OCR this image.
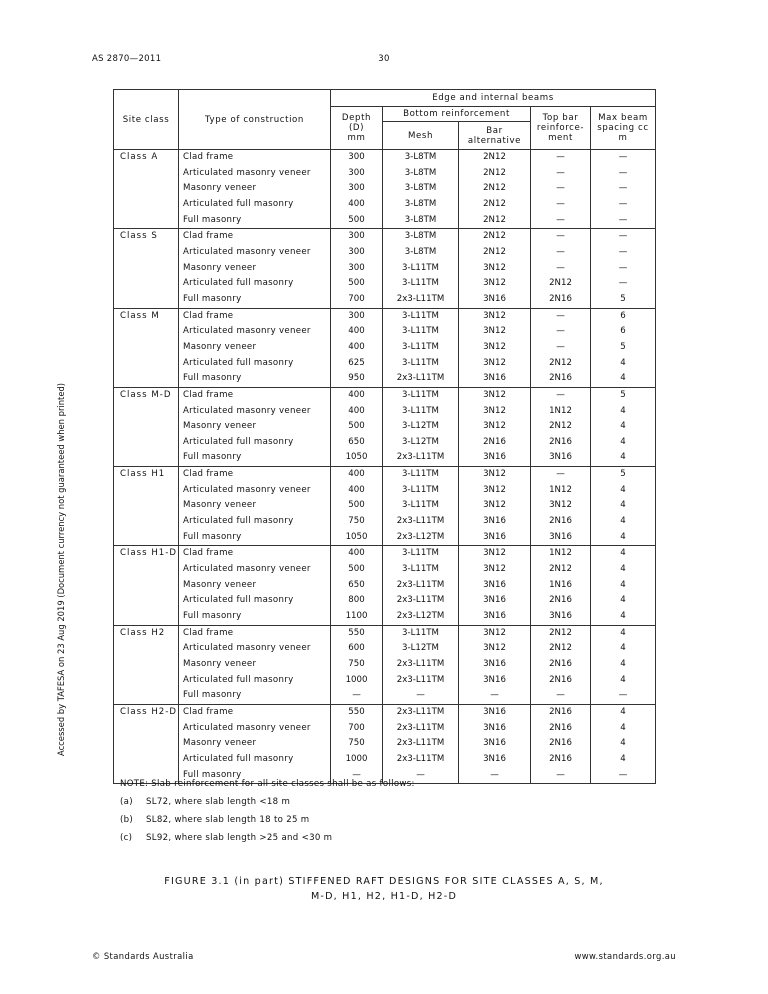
AS 2870—2011	30
Accessed by TAFESA on 23 Aug 2019 (Document currency not guaranteed when printed)
Site class	Type of construction	Edge and internal beams				
		Depth (D) mm	Bottom reinforcement		Top bar reinforce-ment	Max beam spacing cc m
			Mesh	Bar alternative		
Class A	Clad frame	300	3-L8TM	2N12	—	—
	Articulated masonry veneer	300	3-L8TM	2N12	—	—
	Masonry veneer	300	3-L8TM	2N12	—	—
	Articulated full masonry	400	3-L8TM	2N12	—	—
	Full masonry	500	3-L8TM	2N12	—	—
Class S	Clad frame	300	3-L8TM	2N12	—	—
	Articulated masonry veneer	300	3-L8TM	2N12	—	—
	Masonry veneer	300	3-L11TM	3N12	—	—
	Articulated full masonry	500	3-L11TM	3N12	2N12	—
	Full masonry	700	2x3-L11TM	3N16	2N16	5
Class M	Clad frame	300	3-L11TM	3N12	—	6
	Articulated masonry veneer	400	3-L11TM	3N12	—	6
	Masonry veneer	400	3-L11TM	3N12	—	5
	Articulated full masonry	625	3-L11TM	3N12	2N12	4
	Full masonry	950	2x3-L11TM	3N16	2N16	4
Class M-D	Clad frame	400	3-L11TM	3N12	—	5
	Articulated masonry veneer	400	3-L11TM	3N12	1N12	4
	Masonry veneer	500	3-L12TM	3N12	2N12	4
	Articulated full masonry	650	3-L12TM	2N16	2N16	4
	Full masonry	1050	2x3-L11TM	3N16	3N16	4
Class H1	Clad frame	400	3-L11TM	3N12	—	5
	Articulated masonry veneer	400	3-L11TM	3N12	1N12	4
	Masonry veneer	500	3-L11TM	3N12	3N12	4
	Articulated full masonry	750	2x3-L11TM	3N16	2N16	4
	Full masonry	1050	2x3-L12TM	3N16	3N16	4
Class H1-D	Clad frame	400	3-L11TM	3N12	1N12	4
	Articulated masonry veneer	500	3-L11TM	3N12	2N12	4
	Masonry veneer	650	2x3-L11TM	3N16	1N16	4
	Articulated full masonry	800	2x3-L11TM	3N16	2N16	4
	Full masonry	1100	2x3-L12TM	3N16	3N16	4
Class H2	Clad frame	550	3-L11TM	3N12	2N12	4
	Articulated masonry veneer	600	3-L12TM	3N12	2N12	4
	Masonry veneer	750	2x3-L11TM	3N16	2N16	4
	Articulated full masonry	1000	2x3-L11TM	3N16	2N16	4
	Full masonry	—	—	—	—	—
Class H2-D	Clad frame	550	2x3-L11TM	3N16	2N16	4
	Articulated masonry veneer	700	2x3-L11TM	3N16	2N16	4
	Masonry veneer	750	2x3-L11TM	3N16	2N16	4
	Articulated full masonry	1000	2x3-L11TM	3N16	2N16	4
	Full masonry	—	—	—	—	—
NOTE: Slab reinforcement for all site classes shall be as follows:
(a) SL72, where slab length <18 m
(b) SL82, where slab length 18 to 25 m
(c) SL92, where slab length >25 and <30 m
FIGURE 3.1 (in part) STIFFENED RAFT DESIGNS FOR SITE CLASSES A, S, M,
M-D, H1, H2, H1-D, H2-D
© Standards Australia	www.standards.org.au
